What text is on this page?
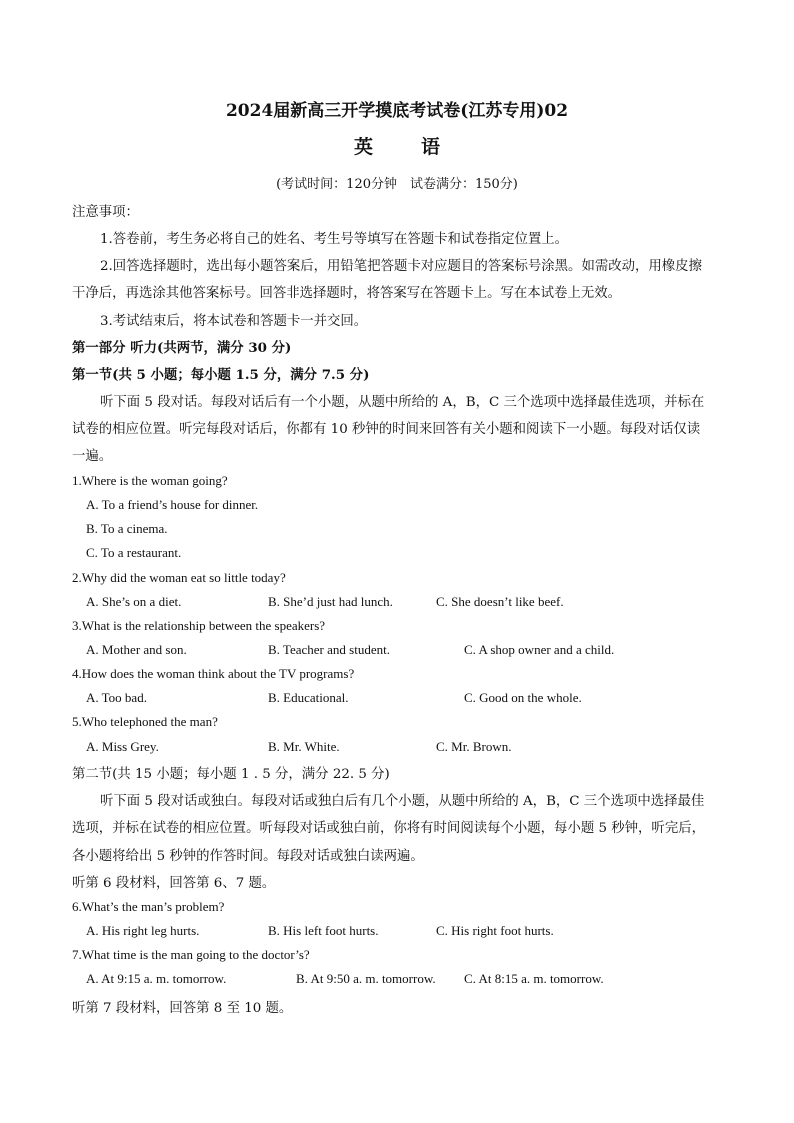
2024届新高三开学摸底考试卷(江苏专用)02
英	语
(考试时间：120分钟　试卷满分：150分)
注意事项：
1.答卷前，考生务必将自己的姓名、考生号等填写在答题卡和试卷指定位置上。
2.回答选择题时，选出每小题答案后，用铅笔把答题卡对应题目的答案标号涂黑。如需改动，用橡皮擦
干净后，再选涂其他答案标号。回答非选择题时，将答案写在答题卡上。写在本试卷上无效。
3.考试结束后，将本试卷和答题卡一并交回。
第一部分 听力(共两节，满分 30 分)
第一节(共 5 小题；每小题 1.5 分，满分 7.5 分)
听下面 5 段对话。每段对话后有一个小题，从题中所给的 A，B，C 三个选项中选择最佳选项，并标在
试卷的相应位置。听完每段对话后，你都有 10 秒钟的时间来回答有关小题和阅读下一小题。每段对话仅读
一遍。
1.Where is the woman going?
A. To a friend’s house for dinner.
B. To a cinema.
C. To a restaurant.
2.Why did the woman eat so little today?
A. She’s on a diet.	B. She’d just had lunch.	C. She doesn’t like beef.
3.What is the relationship between the speakers?
A. Mother and son.	B. Teacher and student.	C. A shop owner and a child.
4.How does the woman think about the TV programs?
A. Too bad.	B. Educational.	C. Good on the whole.
5.Who telephoned the man?
A. Miss Grey.	B. Mr. White.	C. Mr. Brown.
第二节(共 15 小题；每小题 1 . 5 分，满分 22. 5 分)
听下面 5 段对话或独白。每段对话或独白后有几个小题，从题中所给的 A，B，C 三个选项中选择最佳
选项，并标在试卷的相应位置。听每段对话或独白前，你将有时间阅读每个小题，每小题 5 秒钟，听完后，
各小题将给出 5 秒钟的作答时间。每段对话或独白读两遍。
听第 6 段材料，回答第 6、7 题。
6.What’s the man’s problem?
A. His right leg hurts.	B. His left foot hurts.	C. His right foot hurts.
7.What time is the man going to the doctor’s?
A. At 9:15 a. m. tomorrow.	B. At 9:50 a. m. tomorrow. C. At 8:15 a. m. tomorrow.
听第 7 段材料，回答第 8 至 10 题。
